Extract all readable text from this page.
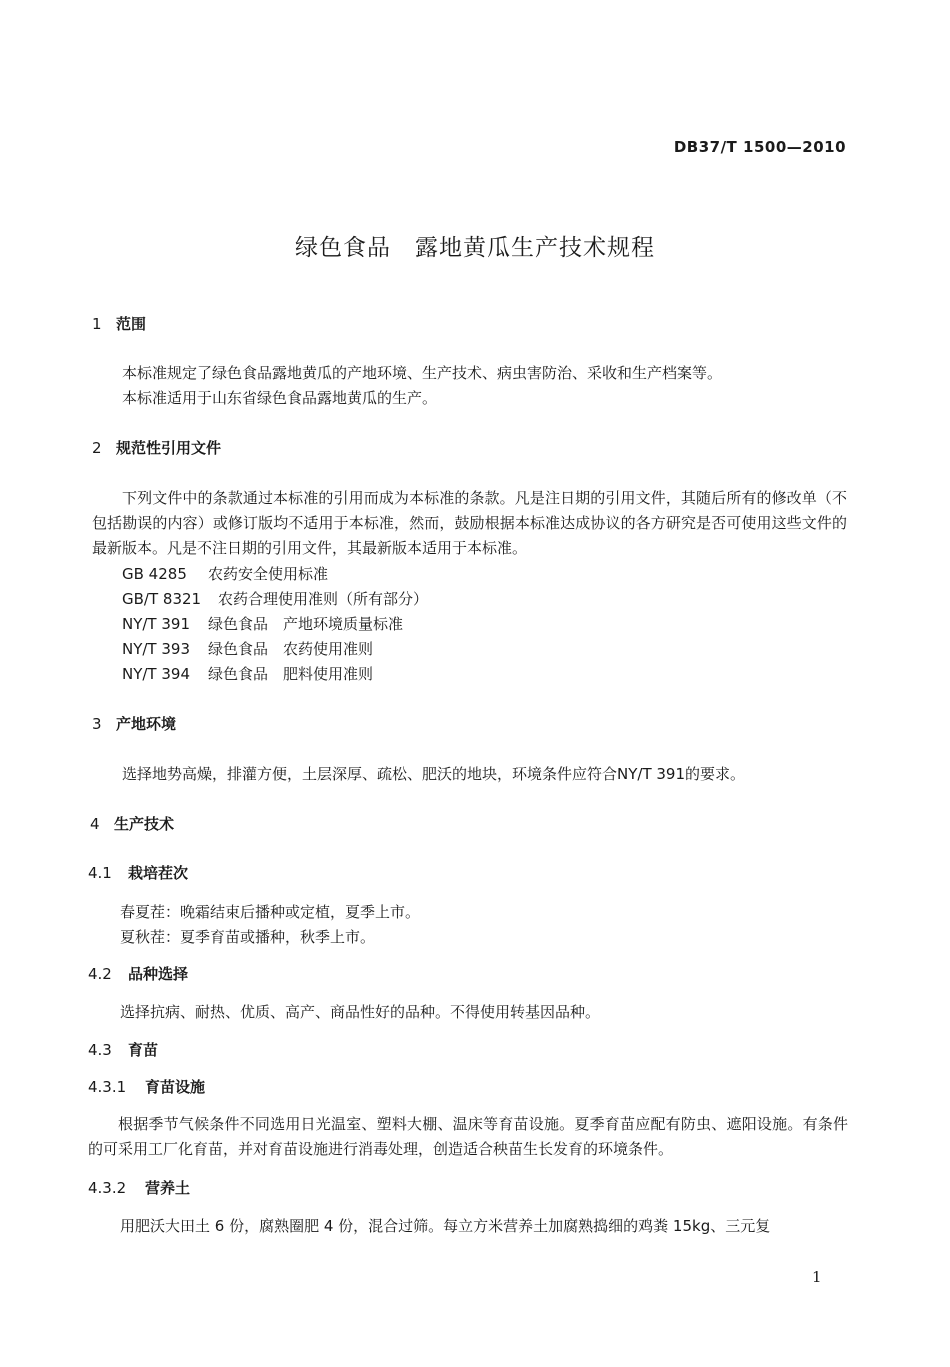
DB37/T 1500—2010
绿色食品　露地黄瓜生产技术规程
1 范围
本标准规定了绿色食品露地黄瓜的产地环境、生产技术、病虫害防治、采收和生产档案等。
本标准适用于山东省绿色食品露地黄瓜的生产。
2 规范性引用文件
下列文件中的条款通过本标准的引用而成为本标准的条款。凡是注日期的引用文件，其随后所有的修改单（不包括勘误的内容）或修订版均不适用于本标准，然而，鼓励根据本标准达成协议的各方研究是否可使用这些文件的最新版本。凡是不注日期的引用文件，其最新版本适用于本标准。
GB 4285 农药安全使用标准
GB/T 8321 农药合理使用准则（所有部分）
NY/T 391 绿色食品　产地环境质量标准
NY/T 393 绿色食品　农药使用准则
NY/T 394 绿色食品　肥料使用准则
3 产地环境
选择地势高燥，排灌方便，土层深厚、疏松、肥沃的地块，环境条件应符合NY/T 391的要求。
4 生产技术
4.1 栽培茬次
春夏茬：晚霜结束后播种或定植，夏季上市。
夏秋茬：夏季育苗或播种，秋季上市。
4.2 品种选择
选择抗病、耐热、优质、高产、商品性好的品种。不得使用转基因品种。
4.3 育苗
4.3.1 育苗设施
根据季节气候条件不同选用日光温室、塑料大棚、温床等育苗设施。夏季育苗应配有防虫、遮阳设施。有条件的可采用工厂化育苗，并对育苗设施进行消毒处理，创造适合秧苗生长发育的环境条件。
4.3.2 营养土
用肥沃大田土 6 份，腐熟圈肥 4 份，混合过筛。每立方米营养土加腐熟捣细的鸡粪 15kg、三元复
1
